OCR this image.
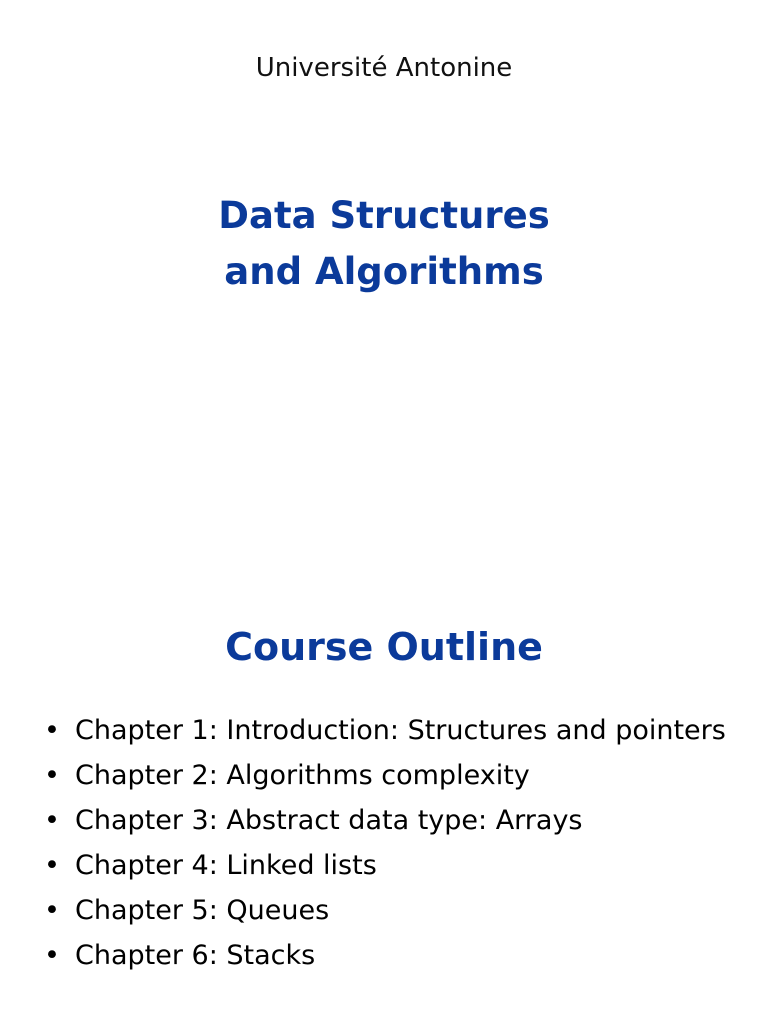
Université Antonine
Data Structures
and Algorithms
Course Outline
• Chapter 1: Introduction: Structures and pointers
• Chapter 2: Algorithms complexity
• Chapter 3: Abstract data type: Arrays
• Chapter 4: Linked lists
• Chapter 5: Queues
• Chapter 6: Stacks
